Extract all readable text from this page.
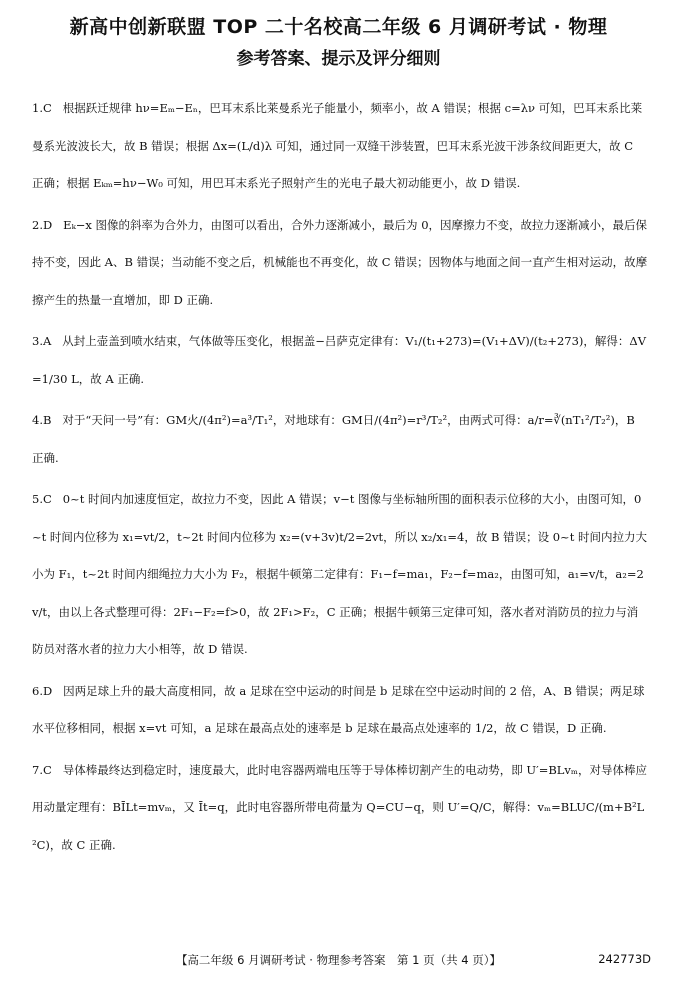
新高中创新联盟 TOP 二十名校高二年级 6 月调研考试 · 物理
参考答案、提示及评分细则
1.C 根据跃迁规律 hν=Eₘ−Eₙ，巴耳末系比莱曼系光子能量小，频率小，故 A 错误；根据 c=λν 可知，巴耳末系比莱曼系光波波长大，故 B 错误；根据 Δx=(L/d)λ 可知，通过同一双缝干涉装置，巴耳末系光波干涉条纹间距更大，故 C 正确；根据 Eₖₘ=hν−W₀ 可知，用巴耳末系光子照射产生的光电子最大初动能更小，故 D 错误.
2.D Eₖ−x 图像的斜率为合外力，由图可以看出，合外力逐渐减小，最后为 0，因摩擦力不变，故拉力逐渐减小，最后保持不变，因此 A、B 错误；当动能不变之后，机械能也不再变化，故 C 错误；因物体与地面之间一直产生相对运动，故摩擦产生的热量一直增加，即 D 正确.
3.A 从封上壶盖到喷水结束，气体做等压变化，根据盖−吕萨克定律有：V₁/(t₁+273)=(V₁+ΔV)/(t₂+273)，解得：ΔV=1/30 L，故 A 正确.
4.B 对于“天问一号”有：GM火/(4π²)=a³/T₁²，对地球有：GM日/(4π²)=r³/T₂²，由两式可得：a/r=∛(nT₁²/T₂²)，B 正确.
5.C 0~t 时间内加速度恒定，故拉力不变，因此 A 错误；v−t 图像与坐标轴所围的面积表示位移的大小，由图可知，0~t 时间内位移为 x₁=vt/2，t~2t 时间内位移为 x₂=(v+3v)t/2=2vt，所以 x₂/x₁=4，故 B 错误；设 0~t 时间内拉力大小为 F₁，t~2t 时间内细绳拉力大小为 F₂，根据牛顿第二定律有：F₁−f=ma₁，F₂−f=ma₂，由图可知，a₁=v/t，a₂=2v/t，由以上各式整理可得：2F₁−F₂=f>0，故 2F₁>F₂，C 正确；根据牛顿第三定律可知，落水者对消防员的拉力与消防员对落水者的拉力大小相等，故 D 错误.
6.D 因两足球上升的最大高度相同，故 a 足球在空中运动的时间是 b 足球在空中运动时间的 2 倍，A、B 错误；两足球水平位移相同，根据 x=vt 可知，a 足球在最高点处的速率是 b 足球在最高点处速率的 1/2，故 C 错误，D 正确.
7.C 导体棒最终达到稳定时，速度最大，此时电容器两端电压等于导体棒切割产生的电动势，即 U′=BLvₘ，对导体棒应用动量定理有：BĪLt=mvₘ，又 Īt=q，此时电容器所带电荷量为 Q=CU−q，则 U′=Q/C，解得：vₘ=BLUC/(m+B²L²C)，故 C 正确.
【高二年级 6 月调研考试 · 物理参考答案　第 1 页（共 4 页）】	242773D
